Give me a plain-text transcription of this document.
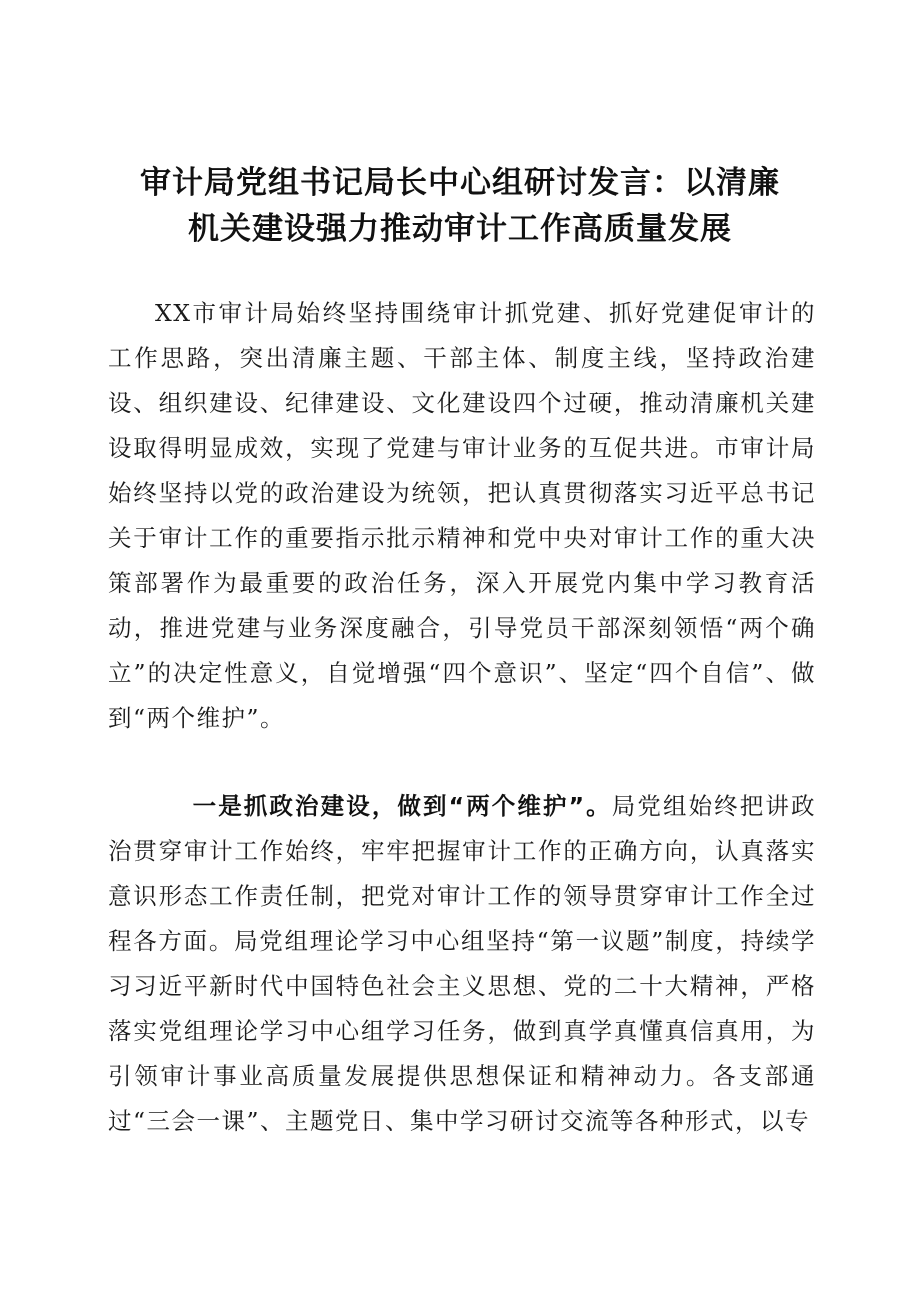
审计局党组书记局长中心组研讨发言：以清廉
机关建设强力推动审计工作高质量发展

XX市审计局始终坚持围绕审计抓党建、抓好党建促审计的工作思路，突出清廉主题、干部主体、制度主线，坚持政治建设、组织建设、纪律建设、文化建设四个过硬，推动清廉机关建设取得明显成效，实现了党建与审计业务的互促共进。市审计局始终坚持以党的政治建设为统领，把认真贯彻落实习近平总书记关于审计工作的重要指示批示精神和党中央对审计工作的重大决策部署作为最重要的政治任务，深入开展党内集中学习教育活动，推进党建与业务深度融合，引导党员干部深刻领悟“两个确立”的决定性意义，自觉增强“四个意识”、坚定“四个自信”、做到“两个维护”。

一是抓政治建设，做到“两个维护”。局党组始终把讲政治贯穿审计工作始终，牢牢把握审计工作的正确方向，认真落实意识形态工作责任制，把党对审计工作的领导贯穿审计工作全过程各方面。局党组理论学习中心组坚持“第一议题”制度，持续学习习近平新时代中国特色社会主义思想、党的二十大精神，严格落实党组理论学习中心组学习任务，做到真学真懂真信真用，为引领审计事业高质量发展提供思想保证和精神动力。各支部通过“三会一课”、主题党日、集中学习研讨交流等各种形式，以专
